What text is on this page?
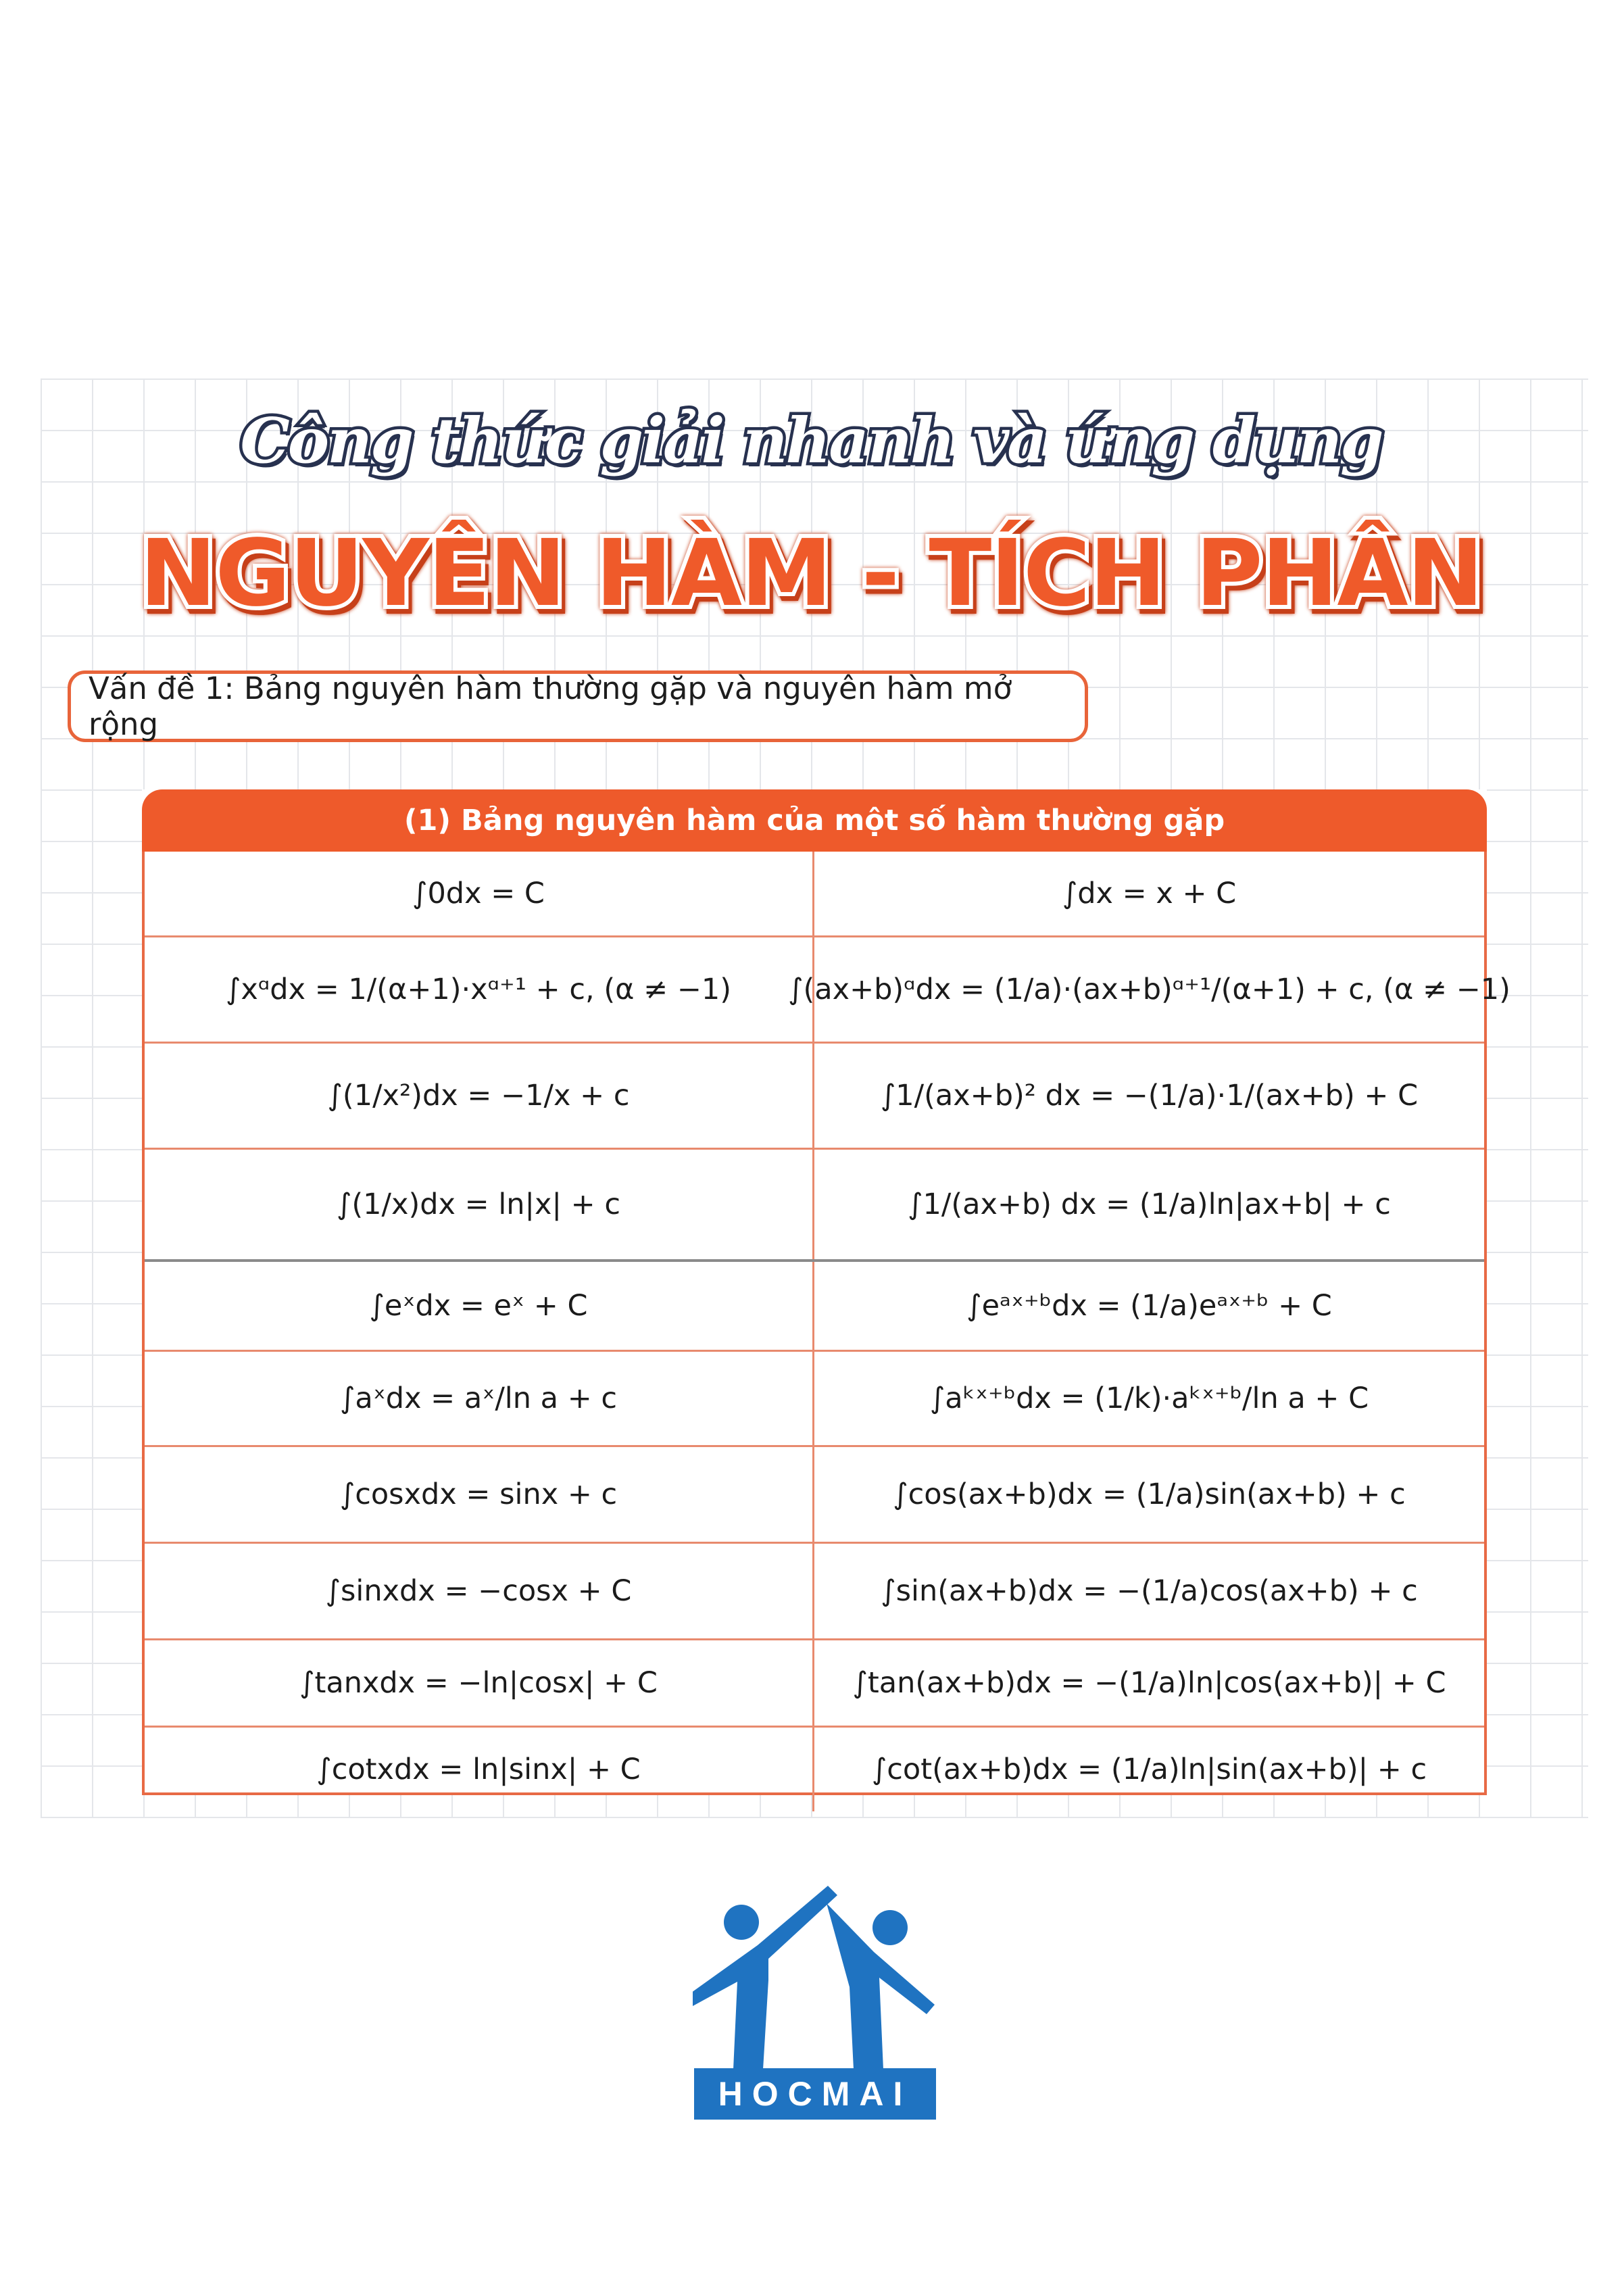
Công thức giải nhanh và ứng dụng
NGUYÊN HÀM - TÍCH PHÂN
Vấn đề 1: Bảng nguyên hàm thường gặp và nguyên hàm mở rộng
(1) Bảng nguyên hàm của một số hàm thường gặp
∫0dx = C	∫dx = x + C
∫xᵅdx = 1/(α+1)·xᵅ⁺¹ + c, (α ≠ −1)	∫(ax+b)ᵅdx = (1/a)·(ax+b)ᵅ⁺¹/(α+1) + c, (α ≠ −1)
∫(1/x²)dx = −1/x + c	∫1/(ax+b)² dx = −(1/a)·1/(ax+b) + C
∫(1/x)dx = ln|x| + c	∫1/(ax+b) dx = (1/a)ln|ax+b| + c
∫eˣdx = eˣ + C	∫eᵃˣ⁺ᵇdx = (1/a)eᵃˣ⁺ᵇ + C
∫aˣdx = aˣ/ln a + c	∫aᵏˣ⁺ᵇdx = (1/k)·aᵏˣ⁺ᵇ/ln a + C
∫cosxdx = sinx + c	∫cos(ax+b)dx = (1/a)sin(ax+b) + c
∫sinxdx = −cosx + C	∫sin(ax+b)dx = −(1/a)cos(ax+b) + c
∫tanxdx = −ln|cosx| + C	∫tan(ax+b)dx = −(1/a)ln|cos(ax+b)| + C
∫cotxdx = ln|sinx| + C	∫cot(ax+b)dx = (1/a)ln|sin(ax+b)| + c
HOCMAI
